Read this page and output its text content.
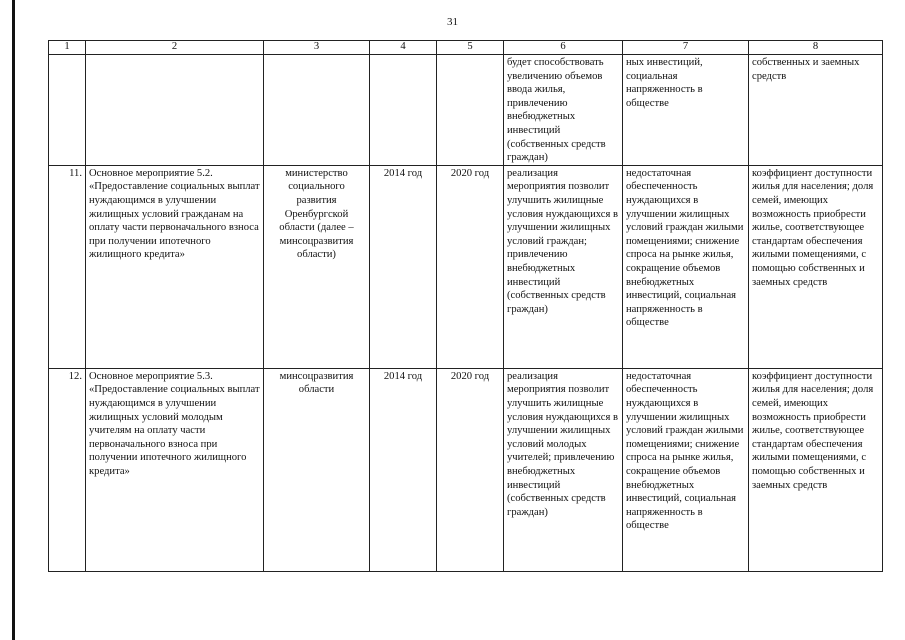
31
1	2	3	4	5	6	7	8
					будет способствовать увеличению объемов ввода жилья, привлечению внебюджетных инвестиций (собственных средств граждан)	ных инвестиций, социальная напряженность в обществе	собственных и заемных средств
11.	Основное мероприятие 5.2. «Предоставление социальных выплат нуждающимся в улучшении жилищных условий гражданам на оплату части первоначального взноса при получении ипотечного жилищного кредита»	министерство социального развития Оренбургской области (далее – минсоцразвития области)	2014 год	2020 год	реализация мероприятия позволит улучшить жилищные условия нуждающихся в улучшении жилищных условий граждан; привлечению внебюджетных инвестиций (собственных средств граждан)	недостаточная обеспеченность нуждающихся в улучшении жилищных условий граждан жилыми помещениями; снижение спроса на рынке жилья, сокращение объемов внебюджетных инвестиций, социальная напряженность в обществе	коэффициент доступности жилья для населения; доля семей, имеющих возможность приобрести жилье, соответствующее стандартам обеспечения жилыми помещениями, с помощью собственных и заемных средств
12.	Основное мероприятие 5.3. «Предоставление социальных выплат нуждающимся в улучшении жилищных условий молодым учителям на оплату части первоначального взноса при получении ипотечного жилищного кредита»	минсоцразвития области	2014 год	2020 год	реализация мероприятия позволит улучшить жилищные условия нуждающихся в улучшении жилищных условий молодых учителей; привлечению внебюджетных инвестиций (собственных средств граждан)	недостаточная обеспеченность нуждающихся в улучшении жилищных условий граждан жилыми помещениями; снижение спроса на рынке жилья, сокращение объемов внебюджетных инвестиций, социальная напряженность в обществе	коэффициент доступности жилья для населения; доля семей, имеющих возможность приобрести жилье, соответствующее стандартам обеспечения жилыми помещениями, с помощью собственных и заемных средств
